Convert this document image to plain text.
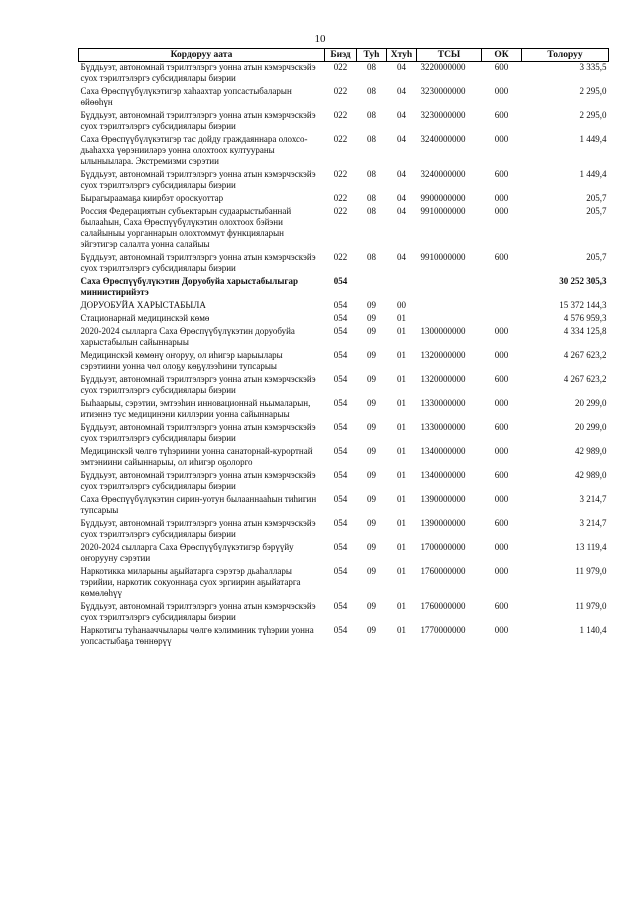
10
Кордоруу аата	Биэд	Туһ	Хтуһ	ТСЫ	ОК	Толоруу
Бүддьуэт, автономнай тэрилтэлэргэ уонна атын кэмэрчэскэйэ суох тэрилтэлэргэ субсидиялары биэрии	022	08	04	3220000000	600	3 335,5
Саха Өрөспүүбүлүкэтигэр хаһаахтар уопсастыбаларын өйөөһүн	022	08	04	3230000000	000	2 295,0
Бүддьуэт, автономнай тэрилтэлэргэ уонна атын кэмэрчэскэйэ суох тэрилтэлэргэ субсидиялары биэрии	022	08	04	3230000000	600	2 295,0
Саха Өрөспүүбүлүкэтигэр тас дойду граждаяннара олохсо-дьаһаххa үөрэнииләрэ уонна олохтоох култуураны ылыныылара. Экстремизми сэрэтии	022	08	04	3240000000	000	1 449,4
Бүддьуэт, автономнай тэрилтэлэргэ уонна атын кэмэрчэскэйэ суох тэрилтэлэргэ субсидиялары биэрии	022	08	04	3240000000	600	1 449,4
Бырагыраамаҕа киирбэт ороскуоттар	022	08	04	9900000000	000	205,7
Россия Федерациятын субъектарын судаарыстыбаннай былааһын, Саха Өрөспүүбүлүкэтин олохтоох бэйэни салайыныы уорганнарын олохтоммут функцияларын эйгэтигэр салалта уонна салайыы	022	08	04	9910000000	000	205,7
Бүддьуэт, автономнай тэрилтэлэргэ уонна атын кэмэрчэскэйэ суох тэрилтэлэргэ субсидиялары биэрии	022	08	04	9910000000	600	205,7
Саха Өрөспүүбүлүкэтин Доруобуйа харыстабылыгар миниистирийэтэ	054					30 252 305,3
ДОРУОБУЙА ХАРЫСТАБЫЛА	054	09	00			15 372 144,3
Стационарнай медицинскэй көмө	054	09	01			4 576 959,3
2020-2024 сылларга Саха Өрөспүүбүлүкэтин доруобуйа харыстабылын сайыннарыы	054	09	01	1300000000	000	4 334 125,8
Медицинскэй көмөнү оҥоруу, ол иһигэр ыарыылары сэрэтиини уонна чөл олоҕу көҕүлээһини тупсарыы	054	09	01	1320000000	000	4 267 623,2
Бүддьуэт, автономнай тэрилтэлэргэ уонна атын кэмэрчэскэйэ суох тэрилтэлэргэ субсидиялары биэрии	054	09	01	1320000000	600	4 267 623,2
Быһаарыы, сэрэтии, эмтээһин инновационнай ньымаларын, итиэннэ тус медицинэни киллэрии уонна сайыннарыы	054	09	01	1330000000	000	20 299,0
Бүддьуэт, автономнай тэрилтэлэргэ уонна атын кэмэрчэскэйэ суох тэрилтэлэргэ субсидиялары биэрии	054	09	01	1330000000	600	20 299,0
Медицинскэй чөлгө түһэриини уонна санаторнай-курортнай эмтэниини сайыннарыы, ол иһигэр оҕолорго	054	09	01	1340000000	000	42 989,0
Бүддьуэт, автономнай тэрилтэлэргэ уонна атын кэмэрчэскэйэ суох тэрилтэлэргэ субсидиялары биэрии	054	09	01	1340000000	600	42 989,0
Саха Өрөспүүбүлүкэтин сирин-уотун былааннааһын тиһигин тупсарыы	054	09	01	1390000000	000	3 214,7
Бүддьуэт, автономнай тэрилтэлэргэ уонна атын кэмэрчэскэйэ суох тэрилтэлэргэ субсидиялары биэрии	054	09	01	1390000000	600	3 214,7
2020-2024 сылларга Саха Өрөспүүбүлүкэтигэр бэрүүйу оҥорууну сэрэтии	054	09	01	1700000000	000	13 119,4
Наркотикка миларыны аҕыйатарга сэрэтэр дьаһаллары тэрийии, наркотик сокуоннаҕа суох эргиирин аҕыйатарга көмөлөһүү	054	09	01	1760000000	000	11 979,0
Бүддьуэт, автономнай тэрилтэлэргэ уонна атын кэмэрчэскэйэ суох тэрилтэлэргэ субсидиялары биэрии	054	09	01	1760000000	600	11 979,0
Наркотигы туһанааччылары чөлгө кэлиминик түһэрии уонна уопсастыбаҕа төннөрүү	054	09	01	1770000000	000	1 140,4
